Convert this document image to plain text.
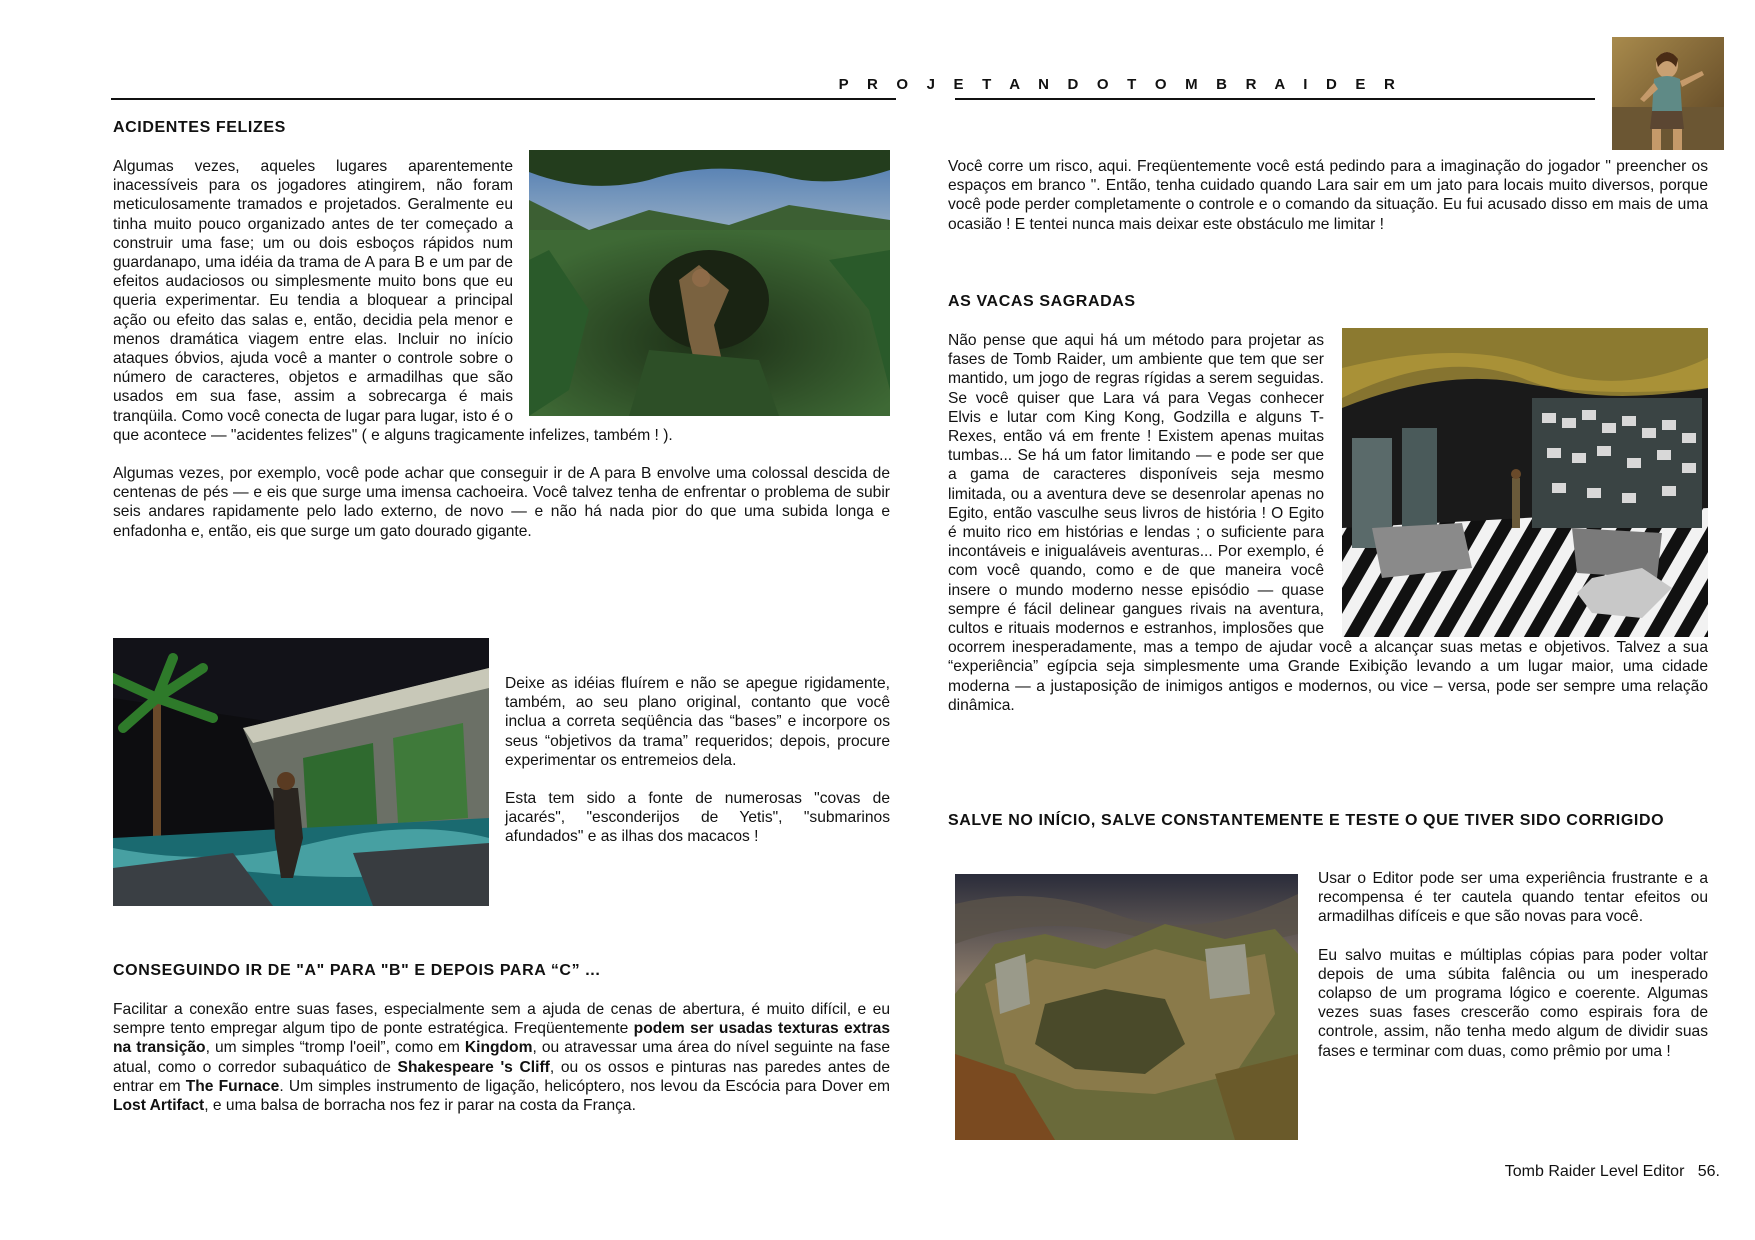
P R O J E T A N D O T O M B R A I D E R
ACIDENTES FELIZES

Algumas vezes, aqueles lugares aparentemente inacessíveis para os jogadores atingirem, não foram meticulosamente tramados e projetados. Geralmente eu tinha muito pouco organizado antes de ter começado a construir uma fase; um ou dois esboços rápidos num guardanapo, uma idéia da trama de A para B e um par de efeitos audaciosos ou simplesmente muito bons que eu queria experimentar. Eu tendia a bloquear a principal ação ou efeito das salas e, então, decidia pela menor e menos dramática viagem entre elas. Incluir no início ataques óbvios, ajuda você a manter o controle sobre o número de caracteres, objetos e armadilhas que são usados em sua fase, assim a sobrecarga é mais tranqüila. Como você conecta de lugar para lugar, isto é o que acontece — "acidentes felizes" ( e alguns tragicamente infelizes, também ! ).

Algumas vezes, por exemplo, você pode achar que conseguir ir de A para B envolve uma colossal descida de centenas de pés — e eis que surge uma imensa cachoeira. Você talvez tenha de enfrentar o problema de subir seis andares rapidamente pelo lado externo, de novo — e não há nada pior do que uma subida longa e enfadonha e, então, eis que surge um gato dourado gigante.

Deixe as idéias fluírem e não se apegue rigidamente, também, ao seu plano original, contanto que você inclua a correta seqüência das “bases” e incorpore os seus “objetivos da trama” requeridos; depois, procure experimentar os entremeios dela.

Esta tem sido a fonte de numerosas "covas de jacarés", "esconderijos de Yetis", "submarinos afundados" e as ilhas dos macacos !

CONSEGUINDO IR DE "A" PARA "B" E DEPOIS PARA “C” ...

Facilitar a conexão entre suas fases, especialmente sem a ajuda de cenas de abertura, é muito difícil, e eu sempre tento empregar algum tipo de ponte estratégica. Freqüentemente podem ser usadas texturas extras na transição, um simples “tromp l'oeil”, como em Kingdom, ou atravessar uma área do nível seguinte na fase atual, como o corredor subaquático de Shakespeare 's Cliff, ou os ossos e pinturas nas paredes antes de entrar em The Furnace. Um simples instrumento de ligação, helicóptero, nos levou da Escócia para Dover em Lost Artifact, e uma balsa de borracha nos fez ir parar na costa da França.

Você corre um risco, aqui. Freqüentemente você está pedindo para a imaginação do jogador " preencher os espaços em branco ". Então, tenha cuidado quando Lara sair em um jato para locais muito diversos, porque você pode perder completamente o controle e o comando da situação. Eu fui acusado disso em mais de uma ocasião ! E tentei nunca mais deixar este obstáculo me limitar !

AS VACAS SAGRADAS

Não pense que aqui há um método para projetar as fases de Tomb Raider, um ambiente que tem que ser mantido, um jogo de regras rígidas a serem seguidas. Se você quiser que Lara vá para Vegas conhecer Elvis e lutar com King Kong, Godzilla e alguns T-Rexes, então vá em frente ! Existem apenas muitas tumbas... Se há um fator limitando — e pode ser que a gama de caracteres disponíveis seja mesmo limitada, ou a aventura deve se desenrolar apenas no Egito, então vasculhe seus livros de história ! O Egito é muito rico em histórias e lendas ; o suficiente para incontáveis e inigualáveis aventuras... Por exemplo, é com você quando, como e de que maneira você insere o mundo moderno nesse episódio — quase sempre é fácil delinear gangues rivais na aventura, cultos e rituais modernos e estranhos, implosões que ocorrem inesperadamente, mas a tempo de ajudar você a alcançar suas metas e objetivos. Talvez a sua “experiência” egípcia seja simplesmente uma Grande Exibição levando a um lugar maior, uma cidade moderna — a justaposição de inimigos antigos e modernos, ou vice – versa, pode ser sempre uma relação dinâmica.

SALVE NO INÍCIO, SALVE CONSTANTEMENTE E TESTE O QUE TIVER SIDO CORRIGIDO

Usar o Editor pode ser uma experiência frustrante e a recompensa é ter cautela quando tentar efeitos ou armadilhas difíceis e que são novas para você.

Eu salvo muitas e múltiplas cópias para poder voltar depois de uma súbita falência ou um inesperado colapso de um programa lógico e coerente. Algumas vezes suas fases crescerão como espirais fora de controle, assim, não tenha medo algum de dividir suas fases e terminar com duas, como prêmio por uma !

Tomb Raider Level Editor 56.
